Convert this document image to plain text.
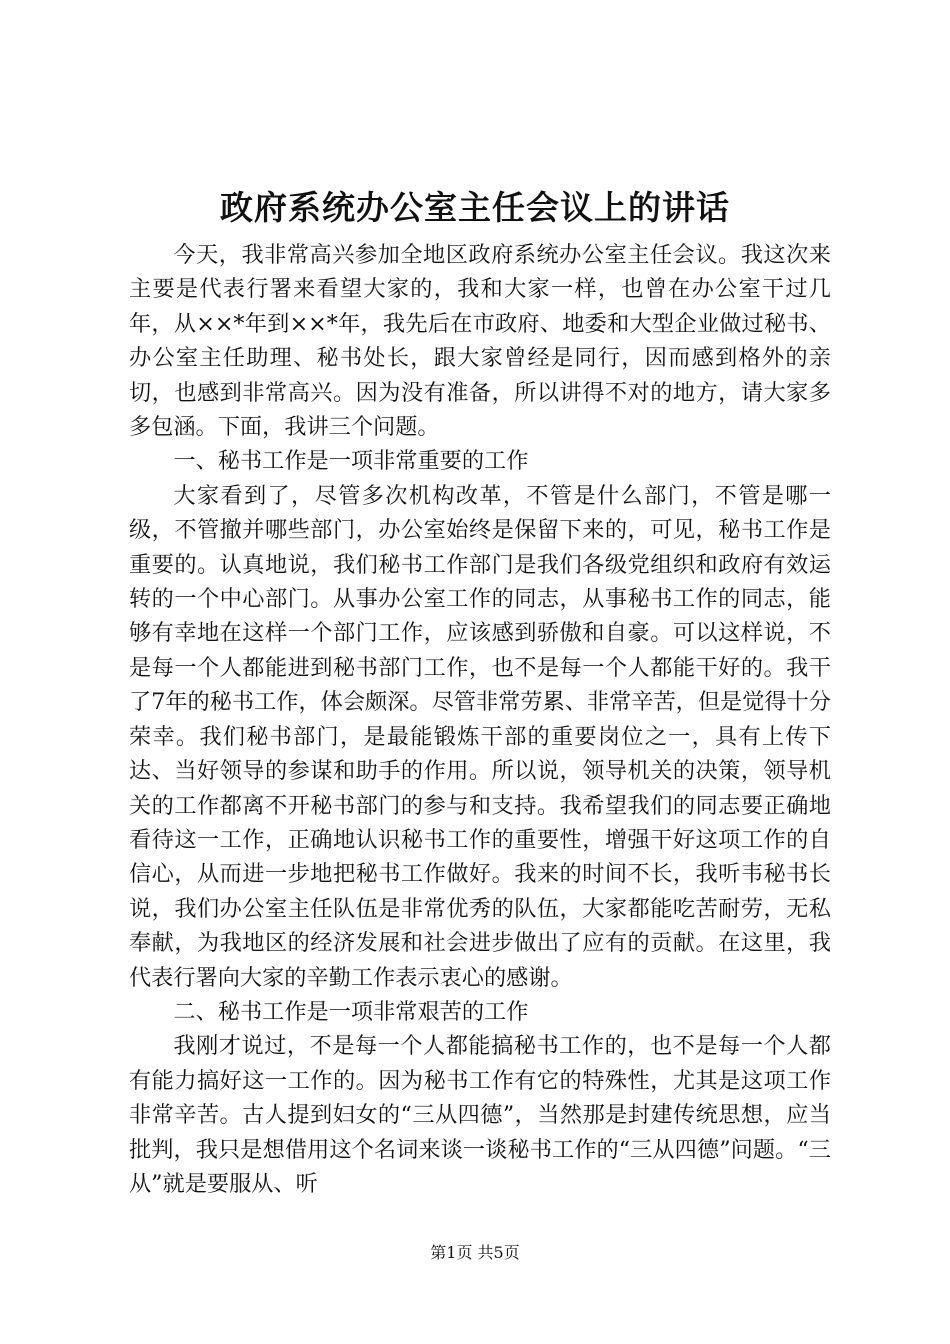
政府系统办公室主任会议上的讲话

今天，我非常高兴参加全地区政府系统办公室主任会议。我这次来主要是代表行署来看望大家的，我和大家一样，也曾在办公室干过几年，从××*年到××*年，我先后在市政府、地委和大型企业做过秘书、办公室主任助理、秘书处长，跟大家曾经是同行，因而感到格外的亲切，也感到非常高兴。因为没有准备，所以讲得不对的地方，请大家多多包涵。下面，我讲三个问题。

一、秘书工作是一项非常重要的工作

大家看到了，尽管多次机构改革，不管是什么部门，不管是哪一级，不管撤并哪些部门，办公室始终是保留下来的，可见，秘书工作是重要的。认真地说，我们秘书工作部门是我们各级党组织和政府有效运转的一个中心部门。从事办公室工作的同志，从事秘书工作的同志，能够有幸地在这样一个部门工作，应该感到骄傲和自豪。可以这样说，不是每一个人都能进到秘书部门工作，也不是每一个人都能干好的。我干了7年的秘书工作，体会颇深。尽管非常劳累、非常辛苦，但是觉得十分荣幸。我们秘书部门，是最能锻炼干部的重要岗位之一，具有上传下达、当好领导的参谋和助手的作用。所以说，领导机关的决策，领导机关的工作都离不开秘书部门的参与和支持。我希望我们的同志要正确地看待这一工作，正确地认识秘书工作的重要性，增强干好这项工作的自信心，从而进一步地把秘书工作做好。我来的时间不长，我听韦秘书长说，我们办公室主任队伍是非常优秀的队伍，大家都能吃苦耐劳，无私奉献，为我地区的经济发展和社会进步做出了应有的贡献。在这里，我代表行署向大家的辛勤工作表示衷心的感谢。

二、秘书工作是一项非常艰苦的工作

我刚才说过，不是每一个人都能搞秘书工作的，也不是每一个人都有能力搞好这一工作的。因为秘书工作有它的特殊性，尤其是这项工作非常辛苦。古人提到妇女的“三从四德”，当然那是封建传统思想，应当批判，我只是想借用这个名词来谈一谈秘书工作的“三从四德”问题。“三从”就是要服从、听

第1页 共5页
